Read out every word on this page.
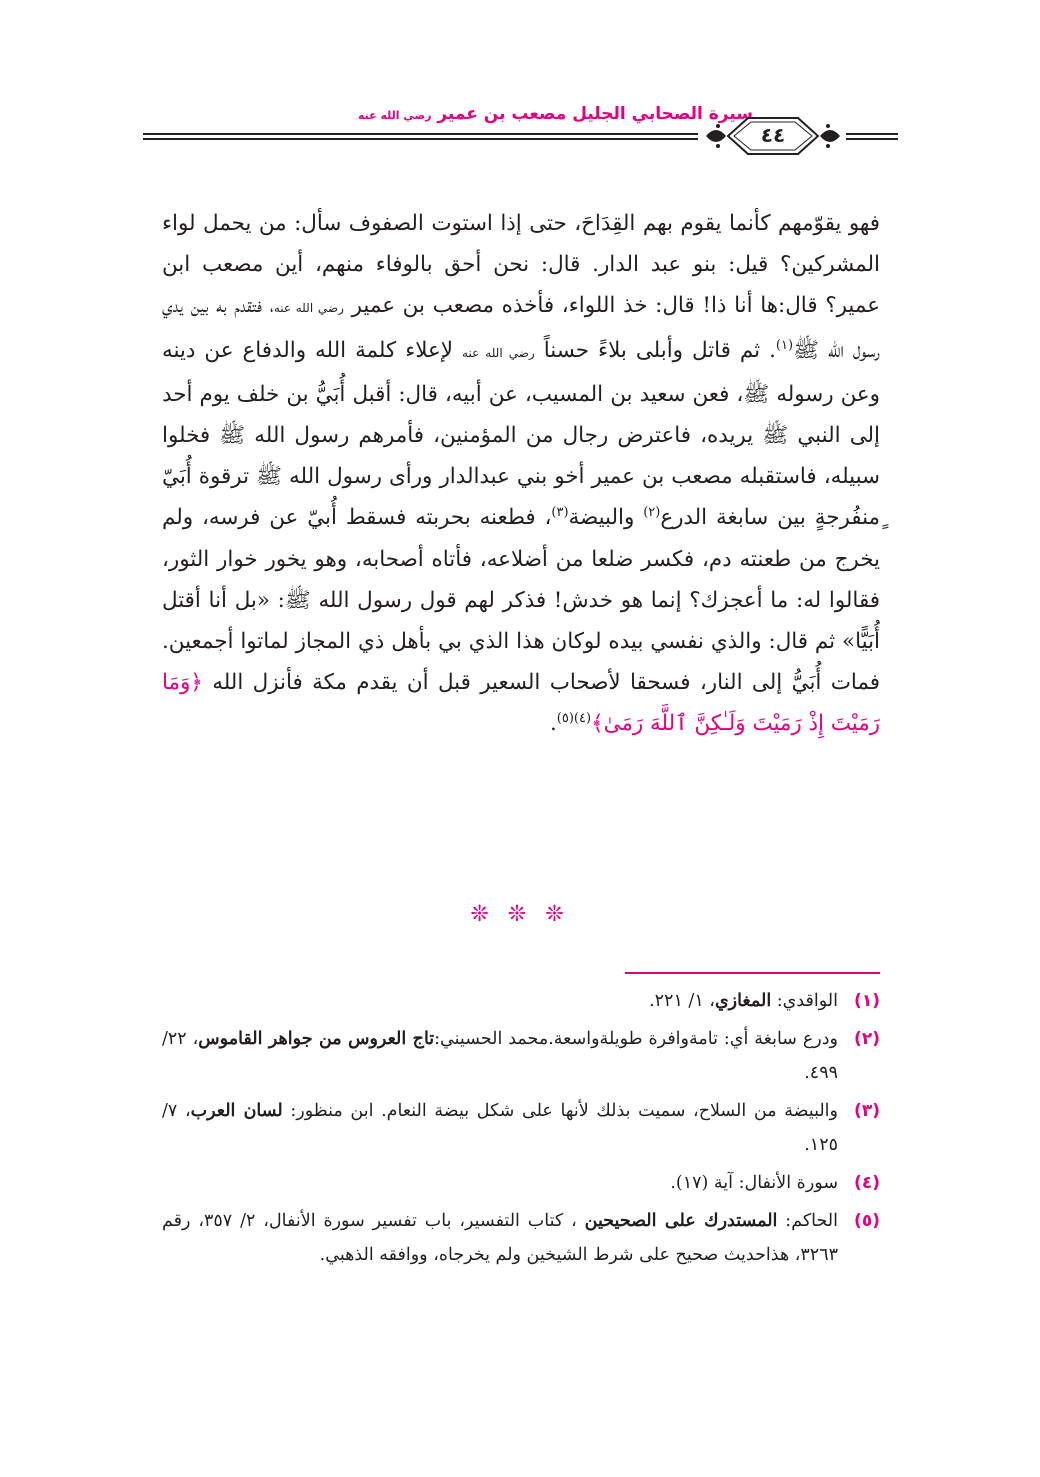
سيرة الصحابي الجليل مصعب بن عمير رضي الله عنه
٤٤

فهو يقوّمهم كأنما يقوم بهم القِدَاحَ، حتى إذا استوت الصفوف سأل: من يحمل لواء المشركين؟ قيل: بنو عبد الدار. قال: نحن أحق بالوفاء منهم، أين مصعب ابن عمير؟ قال:ها أنا ذا! قال: خذ اللواء، فأخذه مصعب بن عمير رضي الله عنه، فتقدم به بين يدي رسول الله ﷺ$^{(١)}$. ثم قاتل وأبلى بلاءً حسناً رضي الله عنه لإعلاء كلمة الله والدفاع عن دينه وعن رسوله ﷺ، فعن سعيد بن المسيب، عن أبيه، قال: أقبل أُبَيُّ بن خلف يوم أحد إلى النبي ﷺ يريده، فاعترض رجال من المؤمنين، فأمرهم رسول الله ﷺ فخلوا سبيله، فاستقبله مصعب بن عمير أخو بني عبدالدار ورأى رسول الله ﷺ ترقوة أُبَيّ ٍمنفُرجةٍ بين سابغة الدرع$^{(٢)}$ والبيضة$^{(٣)}$، فطعنه بحربته فسقط أُبيّ عن فرسه، ولم يخرج من طعنته دم، فكسر ضلعا من أضلاعه، فأتاه أصحابه، وهو يخور خوار الثور، فقالوا له: ما أعجزك؟ إنما هو خدش! فذكر لهم قول رسول الله ﷺ: «بل أنا أقتل أُبَيًّا» ثم قال: والذي نفسي بيده لوكان هذا الذي بي بأهل ذي المجاز لماتوا أجمعين. فمات أُبَيُّ إلى النار، فسحقا لأصحاب السعير قبل أن يقدم مكة فأنزل الله ﴿وَمَا رَمَيْتَ إِذْ رَمَيْتَ وَلَـٰكِنَّ ٱللَّهَ رَمَىٰ﴾$^{(٤)(٥)}$.

❊ ❊ ❊
(١)
الواقدي: المغازي، ١/ ٢٢١.
(٢)
ودرع سابغة أي: تامةوافرة طويلةواسعة.محمد الحسيني:تاج العروس من جواهر القاموس، ٢٢/ ٤٩٩.
(٣)
والبيضة من السلاح، سميت بذلك لأنها على شكل بيضة النعام. ابن منظور: لسان العرب، ٧/ ١٢٥.
(٤)
سورة الأنفال: آية (١٧).
(٥)
الحاكم: المستدرك على الصحيحين ، كتاب التفسير، باب تفسير سورة الأنفال، ٢/ ٣٥٧، رقم ٣٢٦٣، هذاحديث صحيح على شرط الشيخين ولم يخرجاه، ووافقه الذهبي.
